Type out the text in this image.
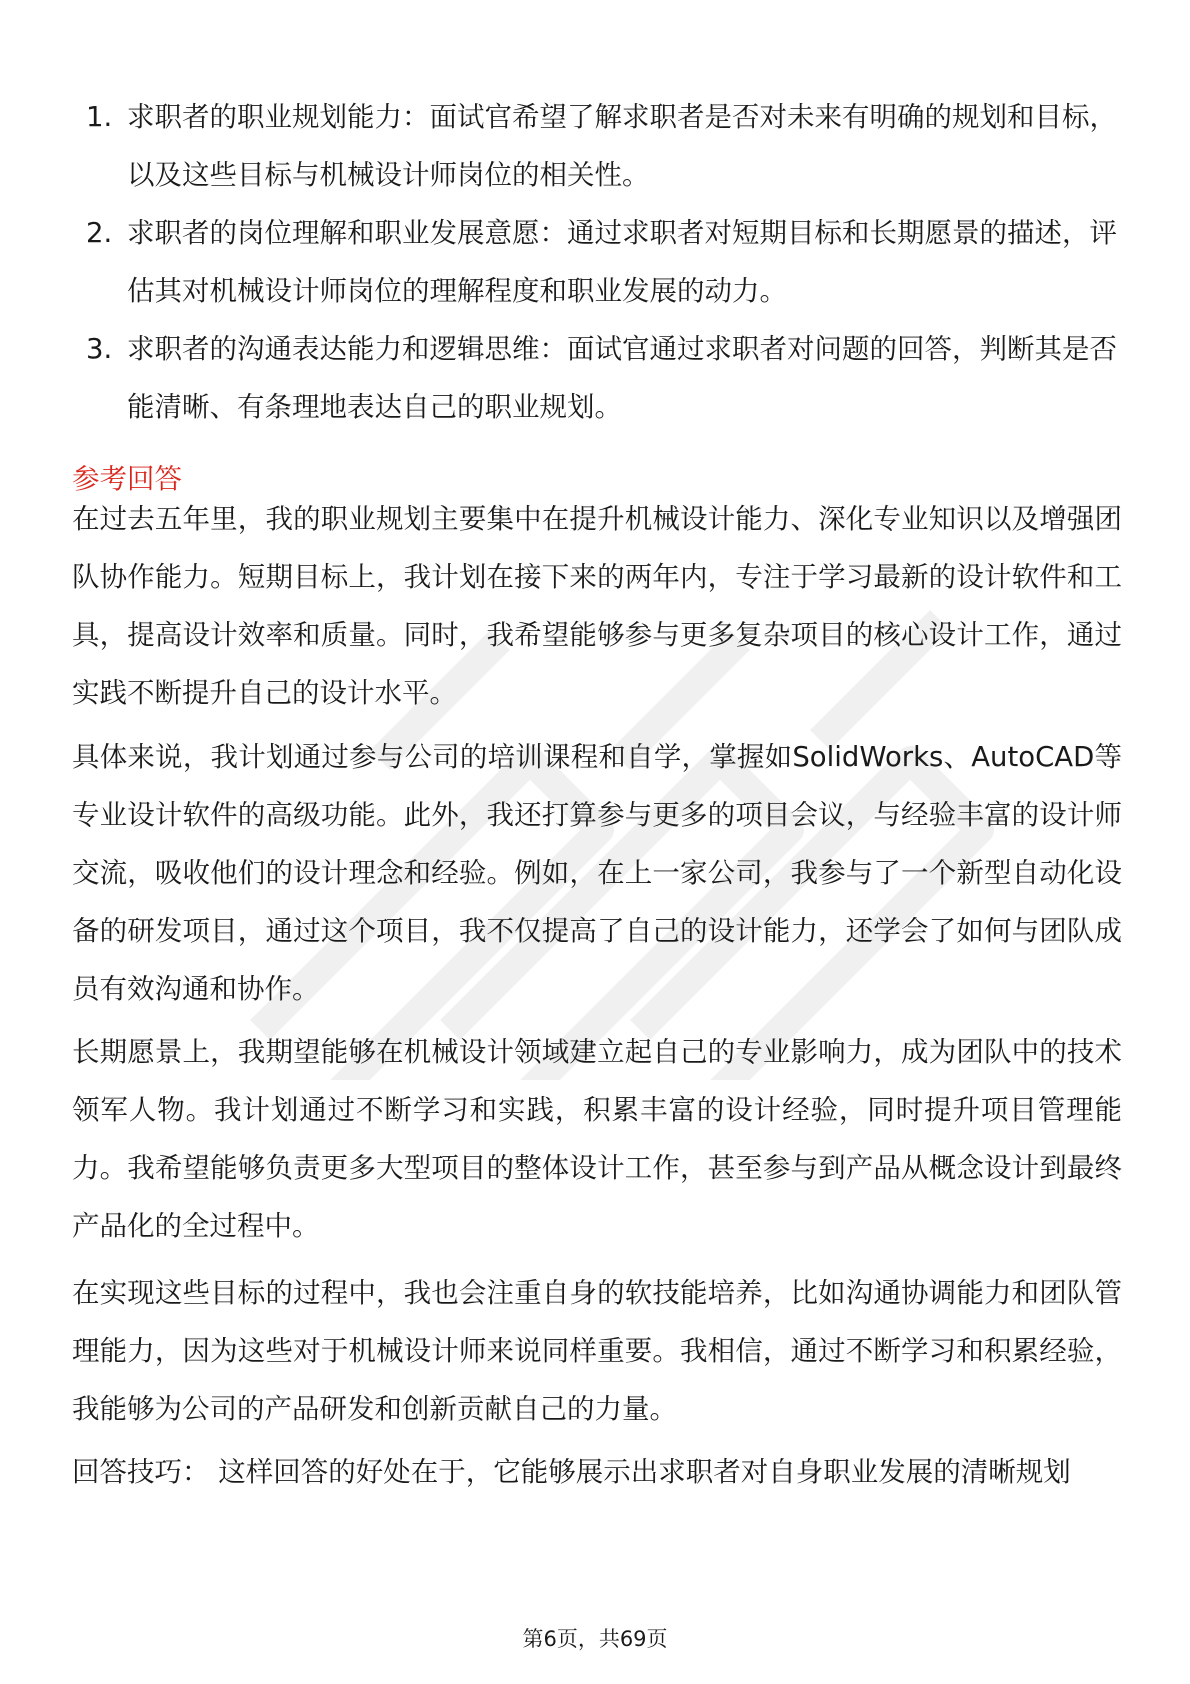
1. 求职者的职业规划能力：面试官希望了解求职者是否对未来有明确的规划和目标，以及这些目标与机械设计师岗位的相关性。
2. 求职者的岗位理解和职业发展意愿：通过求职者对短期目标和长期愿景的描述，评估其对机械设计师岗位的理解程度和职业发展的动力。
3. 求职者的沟通表达能力和逻辑思维：面试官通过求职者对问题的回答，判断其是否能清晰、有条理地表达自己的职业规划。
参考回答

在过去五年里，我的职业规划主要集中在提升机械设计能力、深化专业知识以及增强团队协作能力。短期目标上，我计划在接下来的两年内，专注于学习最新的设计软件和工具，提高设计效率和质量。同时，我希望能够参与更多复杂项目的核心设计工作，通过实践不断提升自己的设计水平。

具体来说，我计划通过参与公司的培训课程和自学，掌握如SolidWorks、AutoCAD等专业设计软件的高级功能。此外，我还打算参与更多的项目会议，与经验丰富的设计师交流，吸收他们的设计理念和经验。例如，在上一家公司，我参与了一个新型自动化设备的研发项目，通过这个项目，我不仅提高了自己的设计能力，还学会了如何与团队成员有效沟通和协作。

长期愿景上，我期望能够在机械设计领域建立起自己的专业影响力，成为团队中的技术领军人物。我计划通过不断学习和实践，积累丰富的设计经验，同时提升项目管理能力。我希望能够负责更多大型项目的整体设计工作，甚至参与到产品从概念设计到最终产品化的全过程中。

在实现这些目标的过程中，我也会注重自身的软技能培养，比如沟通协调能力和团队管理能力，因为这些对于机械设计师来说同样重要。我相信，通过不断学习和积累经验，我能够为公司的产品研发和创新贡献自己的力量。

回答技巧： 这样回答的好处在于，它能够展示出求职者对自身职业发展的清晰规划

第6页，共69页
